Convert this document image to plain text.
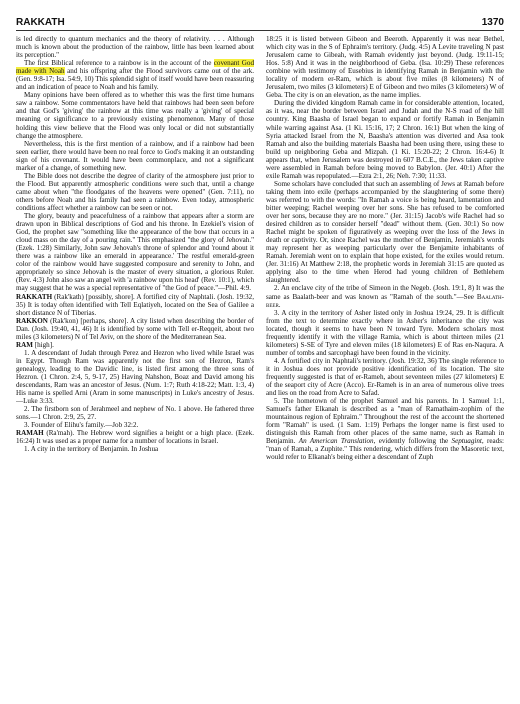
RAKKATH	1370

is led directly to quantum mechanics and the theory of relativity. . . . Although much is known about the production of the rainbow, little has been learned about its perception."

The first Biblical reference to a rainbow is in the account of the covenant God made with Noah and his offspring after the Flood survivors came out of the ark. (Gen. 9:8-17; Isa. 54:9, 10) This splendid sight of itself would have been reassuring and an indication of peace to Noah and his family.

Many opinions have been offered as to whether this was the first time humans saw a rainbow. Some commentators have held that rainbows had been seen before and that God's 'giving' the rainbow at this time was really a 'giving' of special meaning or significance to a previously existing phenomenon. Many of those holding this view believe that the Flood was only local or did not substantially change the atmosphere.

Nevertheless, this is the first mention of a rainbow, and if a rainbow had been seen earlier, there would have been no real force to God's making it an outstanding sign of his covenant. It would have been commonplace, and not a significant marker of a change, of something new.

The Bible does not describe the degree of clarity of the atmosphere just prior to the Flood. But apparently atmospheric conditions were such that, until a change came about when "the floodgates of the heavens were opened" (Gen. 7:11), no others before Noah and his family had seen a rainbow. Even today, atmospheric conditions affect whether a rainbow can be seen or not.

The glory, beauty and peacefulness of a rainbow that appears after a storm are drawn upon in Biblical descriptions of God and his throne. In Ezekiel's vision of God, the prophet saw "something like the appearance of the bow that occurs in a cloud mass on the day of a pouring rain." This emphasized "the glory of Jehovah." (Ezek. 1:28) Similarly, John saw Jehovah's throne of splendor and 'round about it there was a rainbow like an emerald in appearance.' The restful emerald-green color of the rainbow would have suggested composure and serenity to John, and appropriately so since Jehovah is the master of every situation, a glorious Ruler. (Rev. 4:3) John also saw an angel with 'a rainbow upon his head' (Rev. 10:1), which may suggest that he was a special representative of "the God of peace."—Phil. 4:9.

RAKKATH (Rak'kath) [possibly, shore]. A fortified city of Naphtali. (Josh. 19:32, 35) It is today often identified with Tell Eqlatiyeh, located on the Sea of Galilee a short distance N of Tiberias.

RAKKON (Rak'kon) [perhaps, shore]. A city listed when describing the border of Dan. (Josh. 19:40, 41, 46) It is identified by some with Tell er-Reqqeit, about two miles (3 kilometers) N of Tel Aviv, on the shore of the Mediterranean Sea.

RAM [high].

1. A descendant of Judah through Perez and Hezron who lived while Israel was in Egypt. Though Ram was apparently not the first son of Hezron, Ram's genealogy, leading to the Davidic line, is listed first among the three sons of Hezron. (1 Chron. 2:4, 5, 9-17, 25) Having Nahshon, Boaz and David among his descendants, Ram was an ancestor of Jesus. (Num. 1:7; Ruth 4:18-22; Matt. 1:3, 4) His name is spelled Arni (Aram in some manuscripts) in Luke's ancestry of Jesus.—Luke 3:33.

2. The firstborn son of Jerahmeel and nephew of No. 1 above. He fathered three sons.—1 Chron. 2:9, 25, 27.

3. Founder of Elihu's family.—Job 32:2.

RAMAH (Ra'mah). The Hebrew word signifies a height or a high place. (Ezek. 16:24) It was used as a proper name for a number of locations in Israel.

1. A city in the territory of Benjamin. In Joshua

18:25 it is listed between Gibeon and Beeroth. Apparently it was near Bethel, which city was in the S of Ephraim's territory. (Judg. 4:5) A Levite traveling N past Jerusalem came to Gibeah, with Ramah evidently just beyond. (Judg. 19:11-15; Hos. 5:8) And it was in the neighborhood of Geba. (Isa. 10:29) These references combine with testimony of Eusebius in identifying Ramah in Benjamin with the locality of modern er-Ram, which is about five miles (8 kilometers) N of Jerusalem, two miles (3 kilometers) E of Gibeon and two miles (3 kilometers) W of Geba. The city is on an elevation, as the name implies.

During the divided kingdom Ramah came in for considerable attention, located, as it was, near the border between Israel and Judah and the N-S road of the hill country. King Baasha of Israel began to expand or fortify Ramah in Benjamin while warring against Asa. (1 Ki. 15:16, 17; 2 Chron. 16:1) But when the king of Syria attacked Israel from the N, Baasha's attention was diverted and Asa took Ramah and also the building materials Baasha had been using there, using these to build up neighboring Geba and Mizpah. (1 Ki. 15:20-22; 2 Chron. 16:4-6) It appears that, when Jerusalem was destroyed in 607 B.C.E., the Jews taken captive were assembled in Ramah before being moved to Babylon. (Jer. 40:1) After the exile Ramah was repopulated.—Ezra 2:1, 26; Neh. 7:30; 11:33.

Some scholars have concluded that such an assembling of Jews at Ramah before taking them into exile (perhaps accompanied by the slaughtering of some there) was referred to with the words: "In Ramah a voice is being heard, lamentation and bitter weeping; Rachel weeping over her sons. She has refused to be comforted over her sons, because they are no more." (Jer. 31:15) Jacob's wife Rachel had so desired children as to consider herself "dead" without them. (Gen. 30:1) So now Rachel might be spoken of figuratively as weeping over the loss of the Jews in death or captivity. Or, since Rachel was the mother of Benjamin, Jeremiah's words may represent her as weeping particularly over the Benjamite inhabitants of Ramah. Jeremiah went on to explain that hope existed, for the exiles would return. (Jer. 31:16) At Matthew 2:18, the prophetic words in Jeremiah 31:15 are quoted as applying also to the time when Herod had young children of Bethlehem slaughtered.

2. An enclave city of the tribe of Simeon in the Negeb. (Josh. 19:1, 8) It was the same as Baalath-beer and was known as "Ramah of the south."—See Baalath-beer.

3. A city in the territory of Asher listed only in Joshua 19:24, 29. It is difficult from the text to determine exactly where in Asher's inheritance the city was located, though it seems to have been N toward Tyre. Modern scholars most frequently identify it with the village Ramia, which is about thirteen miles (21 kilometers) S-SE of Tyre and eleven miles (18 kilometers) E of Ras en-Naqura. A number of tombs and sarcophagi have been found in the vicinity.

4. A fortified city in Naphtali's territory. (Josh. 19:32, 36) The single reference to it in Joshua does not provide positive identification of its location. The site frequently suggested is that of er-Rameh, about seventeen miles (27 kilometers) E of the seaport city of Acre (Acco). Er-Rameh is in an area of numerous olive trees and lies on the road from Acre to Safad.

5. The hometown of the prophet Samuel and his parents. In 1 Samuel 1:1, Samuel's father Elkanah is described as a "man of Ramathaim-zophim of the mountainous region of Ephraim." Throughout the rest of the account the shortened form "Ramah" is used. (1 Sam. 1:19) Perhaps the longer name is first used to distinguish this Ramah from other places of the same name, such as Ramah in Benjamin. An American Translation, evidently following the Septuagint, reads: "man of Ramah, a Zuphite." This rendering, which differs from the Masoretic text, would refer to Elkanah's being either a descendant of Zuph
